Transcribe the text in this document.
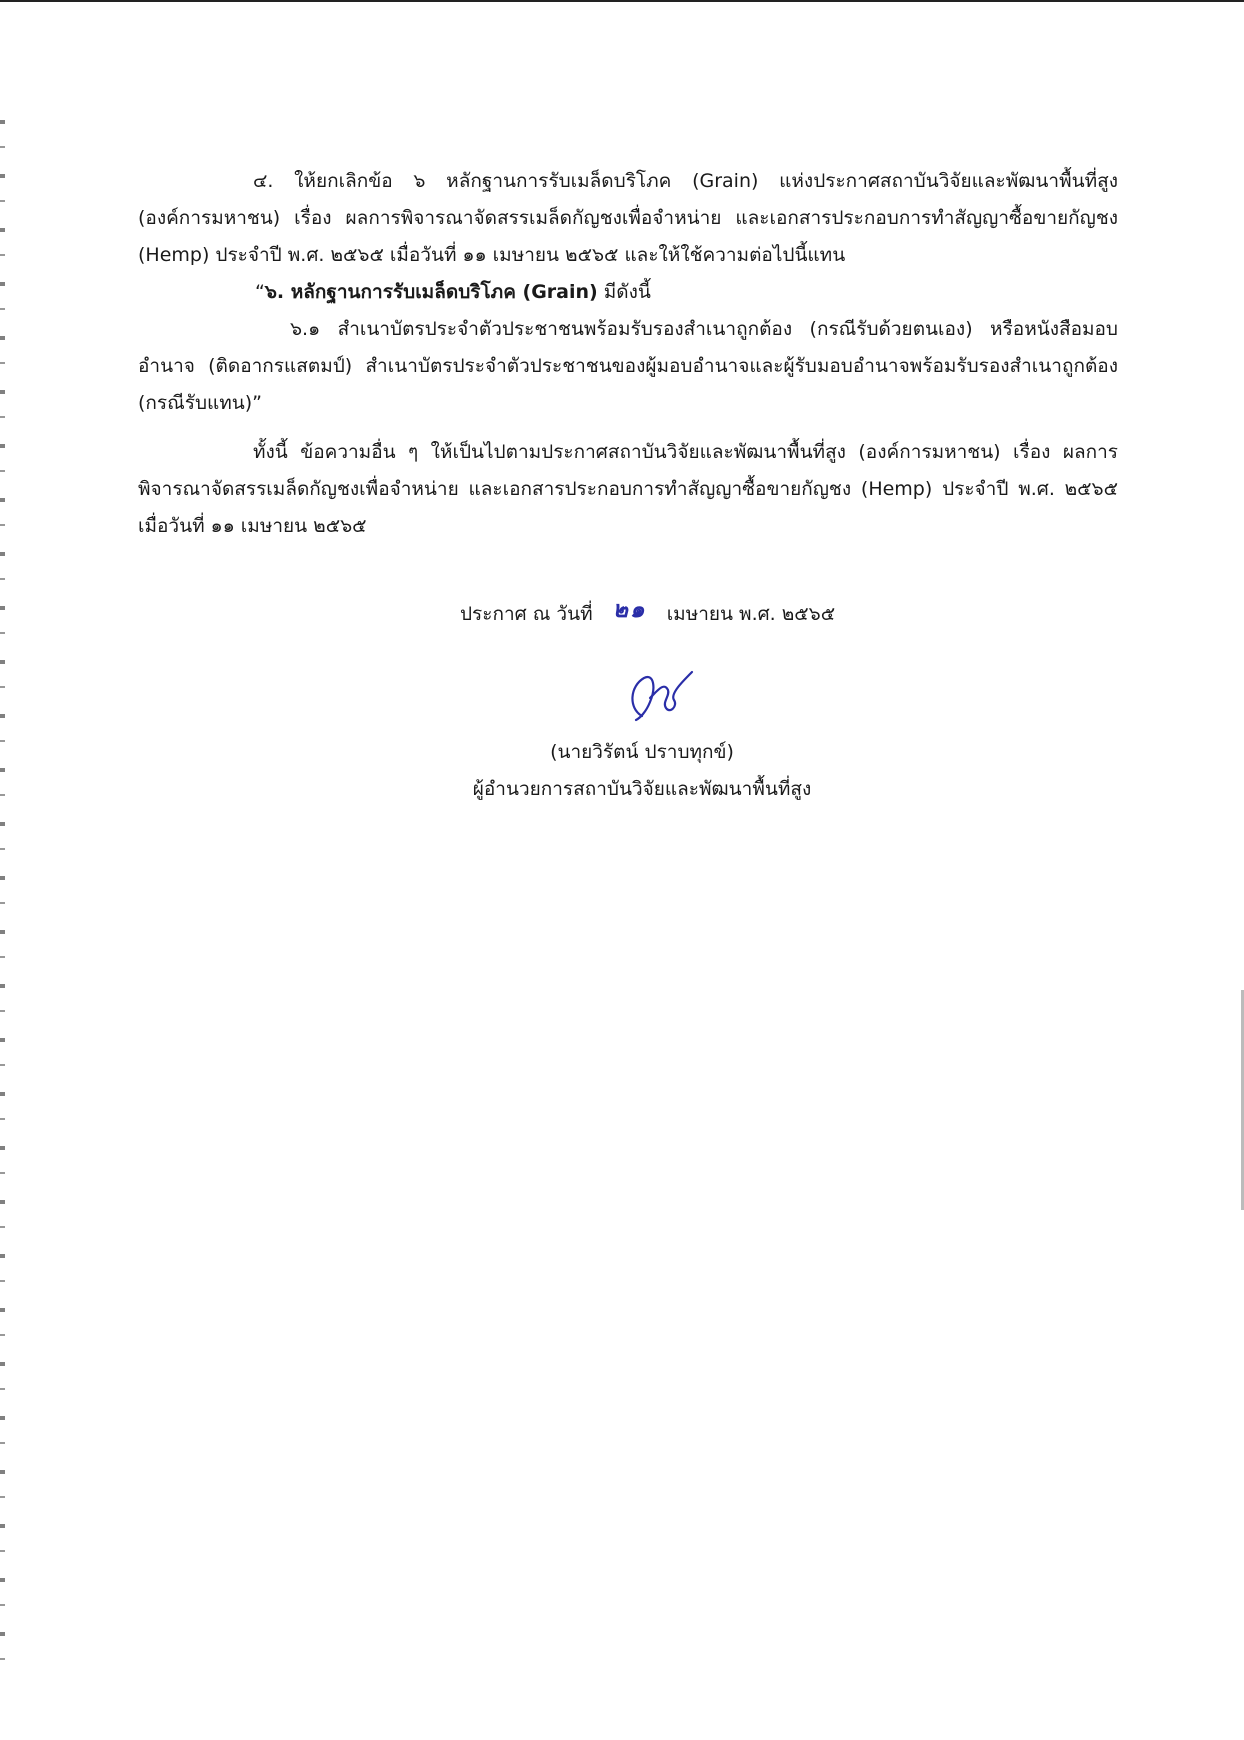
๔. ให้ยกเลิกข้อ ๖ หลักฐานการรับเมล็ดบริโภค (Grain) แห่งประกาศสถาบันวิจัยและพัฒนาพื้นที่สูง (องค์การมหาชน) เรื่อง ผลการพิจารณาจัดสรรเมล็ดกัญชงเพื่อจำหน่าย และเอกสารประกอบการทำสัญญาซื้อขายกัญชง (Hemp) ประจำปี พ.ศ. ๒๕๖๕ เมื่อวันที่ ๑๑ เมษายน ๒๕๖๕ และให้ใช้ความต่อไปนี้แทน

“๖. หลักฐานการรับเมล็ดบริโภค (Grain) มีดังนี้

๖.๑ สำเนาบัตรประจำตัวประชาชนพร้อมรับรองสำเนาถูกต้อง (กรณีรับด้วยตนเอง) หรือหนังสือมอบอำนาจ (ติดอากรแสตมป์) สำเนาบัตรประจำตัวประชาชนของผู้มอบอำนาจและผู้รับมอบอำนาจพร้อมรับรองสำเนาถูกต้อง (กรณีรับแทน)”

ทั้งนี้ ข้อความอื่น ๆ ให้เป็นไปตามประกาศสถาบันวิจัยและพัฒนาพื้นที่สูง (องค์การมหาชน) เรื่อง ผลการพิจารณาจัดสรรเมล็ดกัญชงเพื่อจำหน่าย และเอกสารประกอบการทำสัญญาซื้อขายกัญชง (Hemp) ประจำปี พ.ศ. ๒๕๖๕ เมื่อวันที่ ๑๑ เมษายน ๒๕๖๕

ประกาศ ณ วันที่ ๒๑ เมษายน พ.ศ. ๒๕๖๕
(นายวิรัตน์ ปราบทุกข์)
ผู้อำนวยการสถาบันวิจัยและพัฒนาพื้นที่สูง
